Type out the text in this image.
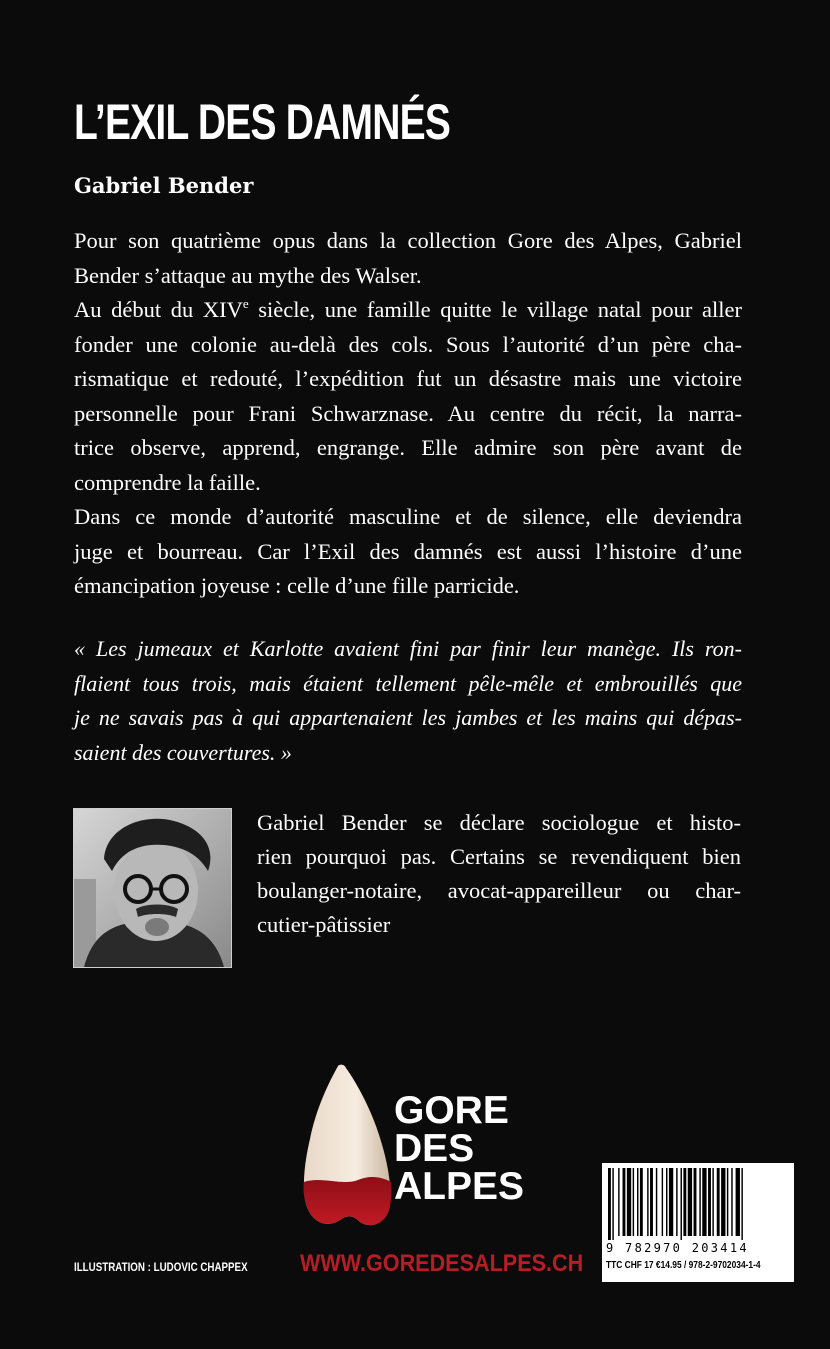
L’EXIL DES DAMNÉS
Gabriel Bender
Pour son quatrième opus dans la collection Gore des Alpes, Gabriel
Bender s’attaque au mythe des Walser.
Au début du XIVe siècle, une famille quitte le village natal pour aller
fonder une colonie au-delà des cols. Sous l’autorité d’un père cha-
rismatique et redouté, l’expédition fut un désastre mais une victoire
personnelle pour Frani Schwarznase. Au centre du récit, la narra-
trice observe, apprend, engrange. Elle admire son père avant de
comprendre la faille.
Dans ce monde d’autorité masculine et de silence, elle deviendra
juge et bourreau. Car l’Exil des damnés est aussi l’histoire d’une
émancipation joyeuse : celle d’une fille parricide.
« Les jumeaux et Karlotte avaient fini par finir leur manège. Ils ron-
flaient tous trois, mais étaient tellement pêle-mêle et embrouillés que
je ne savais pas à qui appartenaient les jambes et les mains qui dépas-
saient des couvertures. »
Gabriel Bender se déclare sociologue et histo-
rien pourquoi pas. Certains se revendiquent bien
boulanger-notaire, avocat-appareilleur ou char-
cutier-pâtissier
GORE
DES
ALPES
WWW.GOREDESALPES.CH
ILLUSTRATION : LUDOVIC CHAPPEX
9 782970 203414
TTC CHF 17 €14.95 / 978-2-9702034-1-4
